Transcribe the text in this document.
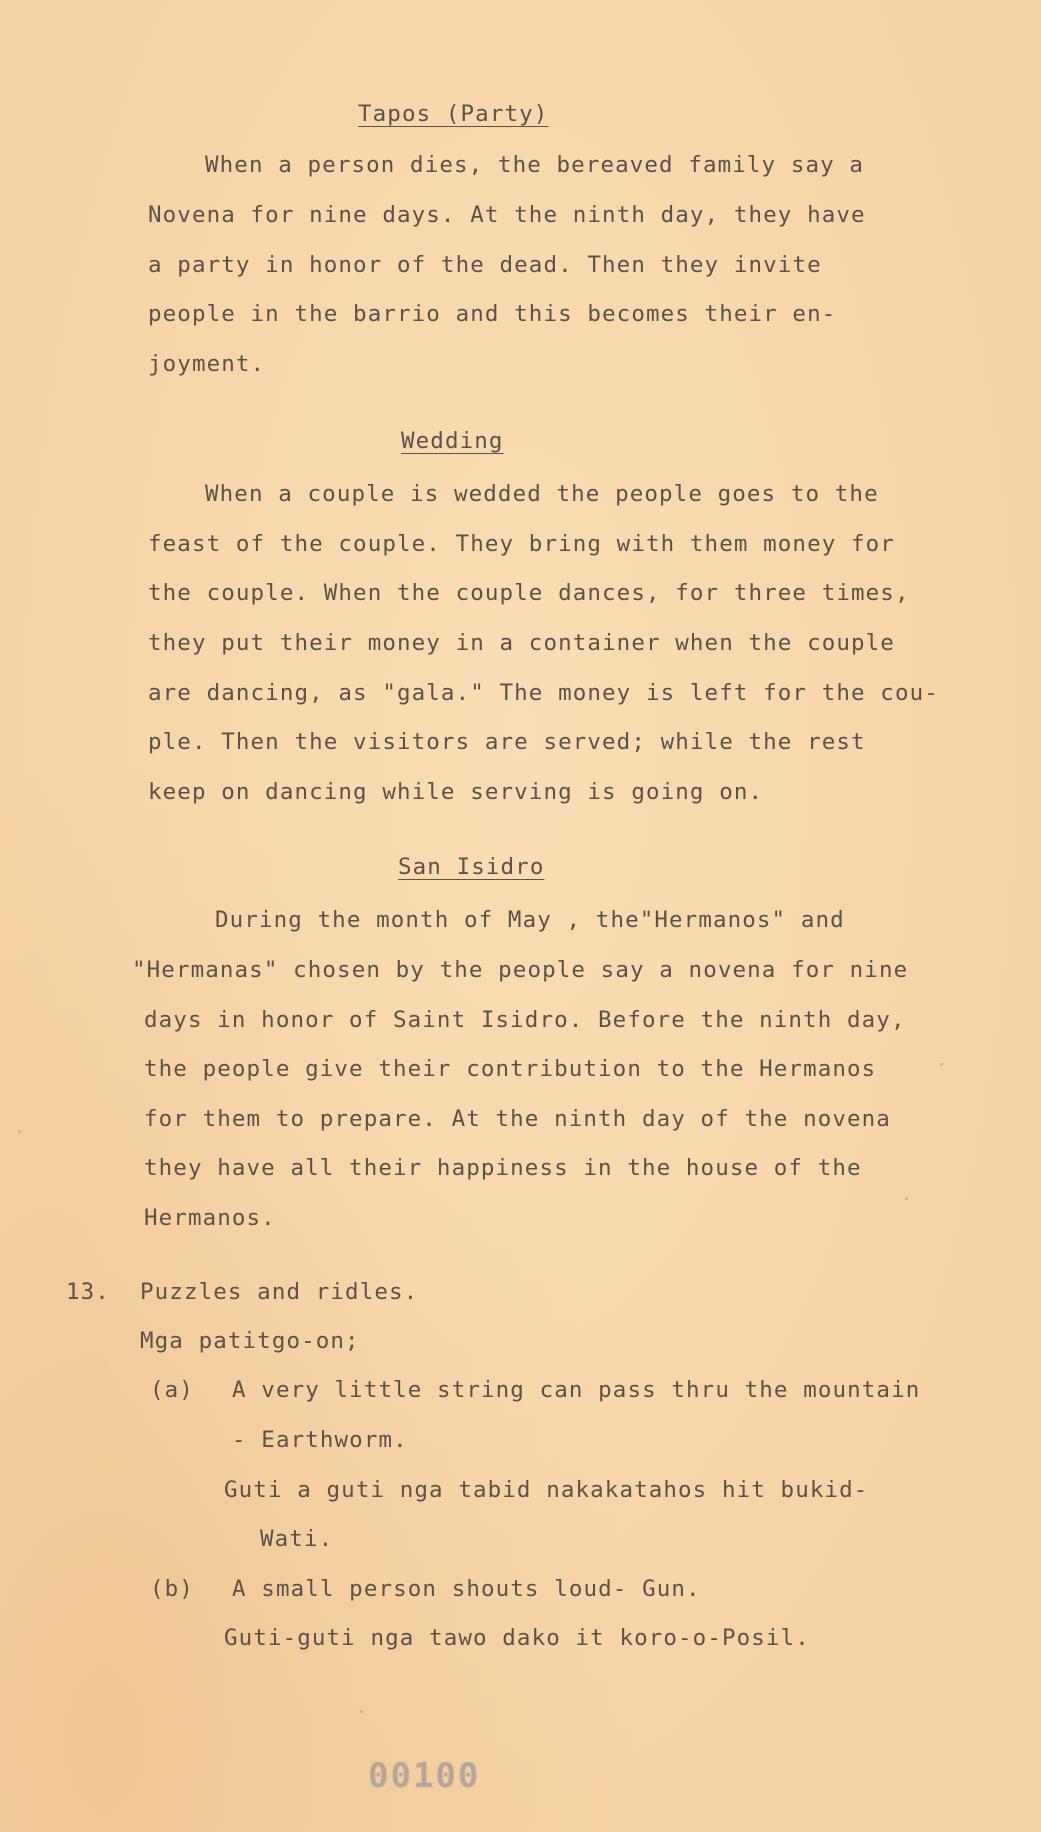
Tapos (Party)

When a person dies, the bereaved family say a

Novena for nine days. At the ninth day, they have

a party in honor of the dead. Then they invite

people in the barrio and this becomes their en-

joyment.

Wedding

When a couple is wedded the people goes to the

feast of the couple. They bring with them money for

the couple. When the couple dances, for three times,

they put their money in a container when the couple

are dancing, as "gala." The money is left for the cou-

ple. Then the visitors are served; while the rest

keep on dancing while serving is going on.

San Isidro

During the month of May , the"Hermanos" and

"Hermanas" chosen by the people say a novena for nine

days in honor of Saint Isidro. Before the ninth day,

the people give their contribution to the Hermanos

for them to prepare. At the ninth day of the novena

they have all their happiness in the house of the

Hermanos.

13. Puzzles and ridles.

Mga patitgo-on;

(a) A very little string can pass thru the mountain

- Earthworm.

Guti a guti nga tabid nakakatahos hit bukid-

Wati.

(b) A small person shouts loud- Gun.

Guti-guti nga tawo dako it koro-o-Posil.

00100
